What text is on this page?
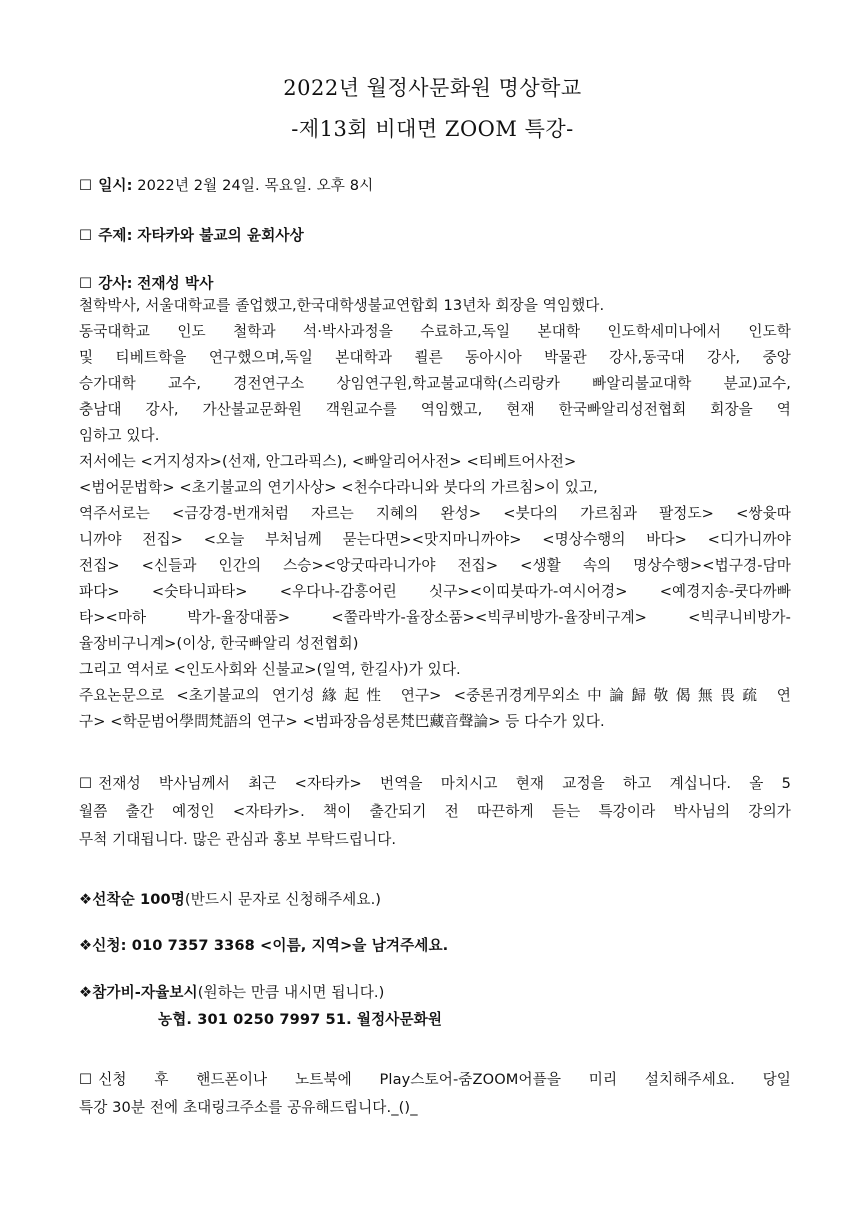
2022년 월정사문화원 명상학교
-제13회 비대면 ZOOM 특강-
☐ 일시: 2022년 2월 24일. 목요일. 오후 8시
☐ 주제: 자타카와 불교의 윤회사상
☐ 강사: 전재성 박사
철학박사, 서울대학교를 졸업했고,한국대학생불교연합회 13년차 회장을 역임했다.
동국대학교 인도 철학과 석·박사과정을 수료하고,독일 본대학 인도학세미나에서 인도학
및 티베트학을 연구했으며,독일 본대학과 쾰른 동아시아 박물관 강사,동국대 강사, 중앙
승가대학 교수, 경전연구소 상임연구원,학교불교대학(스리랑카 빠알리불교대학 분교)교수,
충남대 강사, 가산불교문화원 객원교수를 역임했고, 현재 한국빠알리성전협회 회장을 역
임하고 있다.
저서에는 <거지성자>(선재, 안그라픽스), <빠알리어사전> <티베트어사전>
<범어문법학> <초기불교의 연기사상> <천수다라니와 붓다의 가르침>이 있고,
역주서로는 <금강경-번개처럼 자르는 지혜의 완성> <붓다의 가르침과 팔정도> <쌍윳따
니까야 전집> <오늘 부처님께 묻는다면><맛지마니까야> <명상수행의 바다> <디가니까야
전집> <신들과 인간의 스승><앙굿따라니가야 전집> <생활 속의 명상수행><법구경-담마
파다> <숫타니파타> <우다나-감흥어린 싯구><이띠붓따가-여시어경> <예경지송-쿳다까빠
타><마하 박가-율장대품> <쭐라박가-율장소품><빅쿠비방가-율장비구계> <빅쿠니비방가-
율장비구니계>(이상, 한국빠알리 성전협회)
그리고 역서로 <인도사회와 신불교>(일역, 한길사)가 있다.
주요논문으로 <초기불교의 연기성緣起性 연구> <중론귀경게무외소中論歸敬偈無畏疏 연
구> <학문범어學問梵語의 연구> <범파장음성론梵巴藏音聲論> 등 다수가 있다.
☐ 전재성 박사님께서 최근 <자타카> 번역을 마치시고 현재 교정을 하고 계십니다. 올 5
월쯤 출간 예정인 <자타카>. 책이 출간되기 전 따끈하게 듣는 특강이라 박사님의 강의가
무척 기대됩니다. 많은 관심과 홍보 부탁드립니다.
❖선착순 100명(반드시 문자로 신청해주세요.)
❖신청: 010 7357 3368 <이름, 지역>을 남겨주세요.
❖참가비-자율보시(원하는 만큼 내시면 됩니다.)
농협. 301 0250 7997 51. 월정사문화원
☐ 신청 후 핸드폰이나 노트북에 Play스토어-줌ZOOM어플을 미리 설치해주세요. 당일
특강 30분 전에 초대링크주소를 공유해드립니다._()_
